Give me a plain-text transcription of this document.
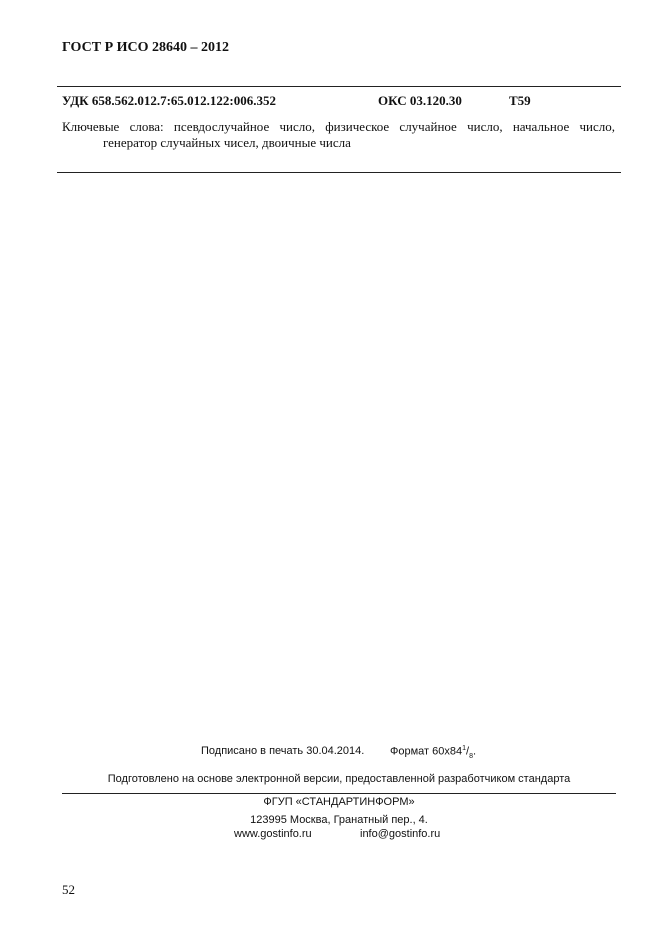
ГОСТ Р ИСО 28640 – 2012
УДК 658.562.012.7:65.012.122:006.352	ОКС 03.120.30	Т59
Ключевые слова: псевдослучайное число, физическое случайное число, начальное число,
генератор случайных чисел, двоичные числа
Подписано в печать 30.04.2014. Формат $60x84^1/_8$.
Подготовлено на основе электронной версии, предоставленной разработчиком стандарта
ФГУП «СТАНДАРТИНФОРМ»
123995 Москва, Гранатный пер., 4.
www.gostinfo.ru	info@gostinfo.ru
52
